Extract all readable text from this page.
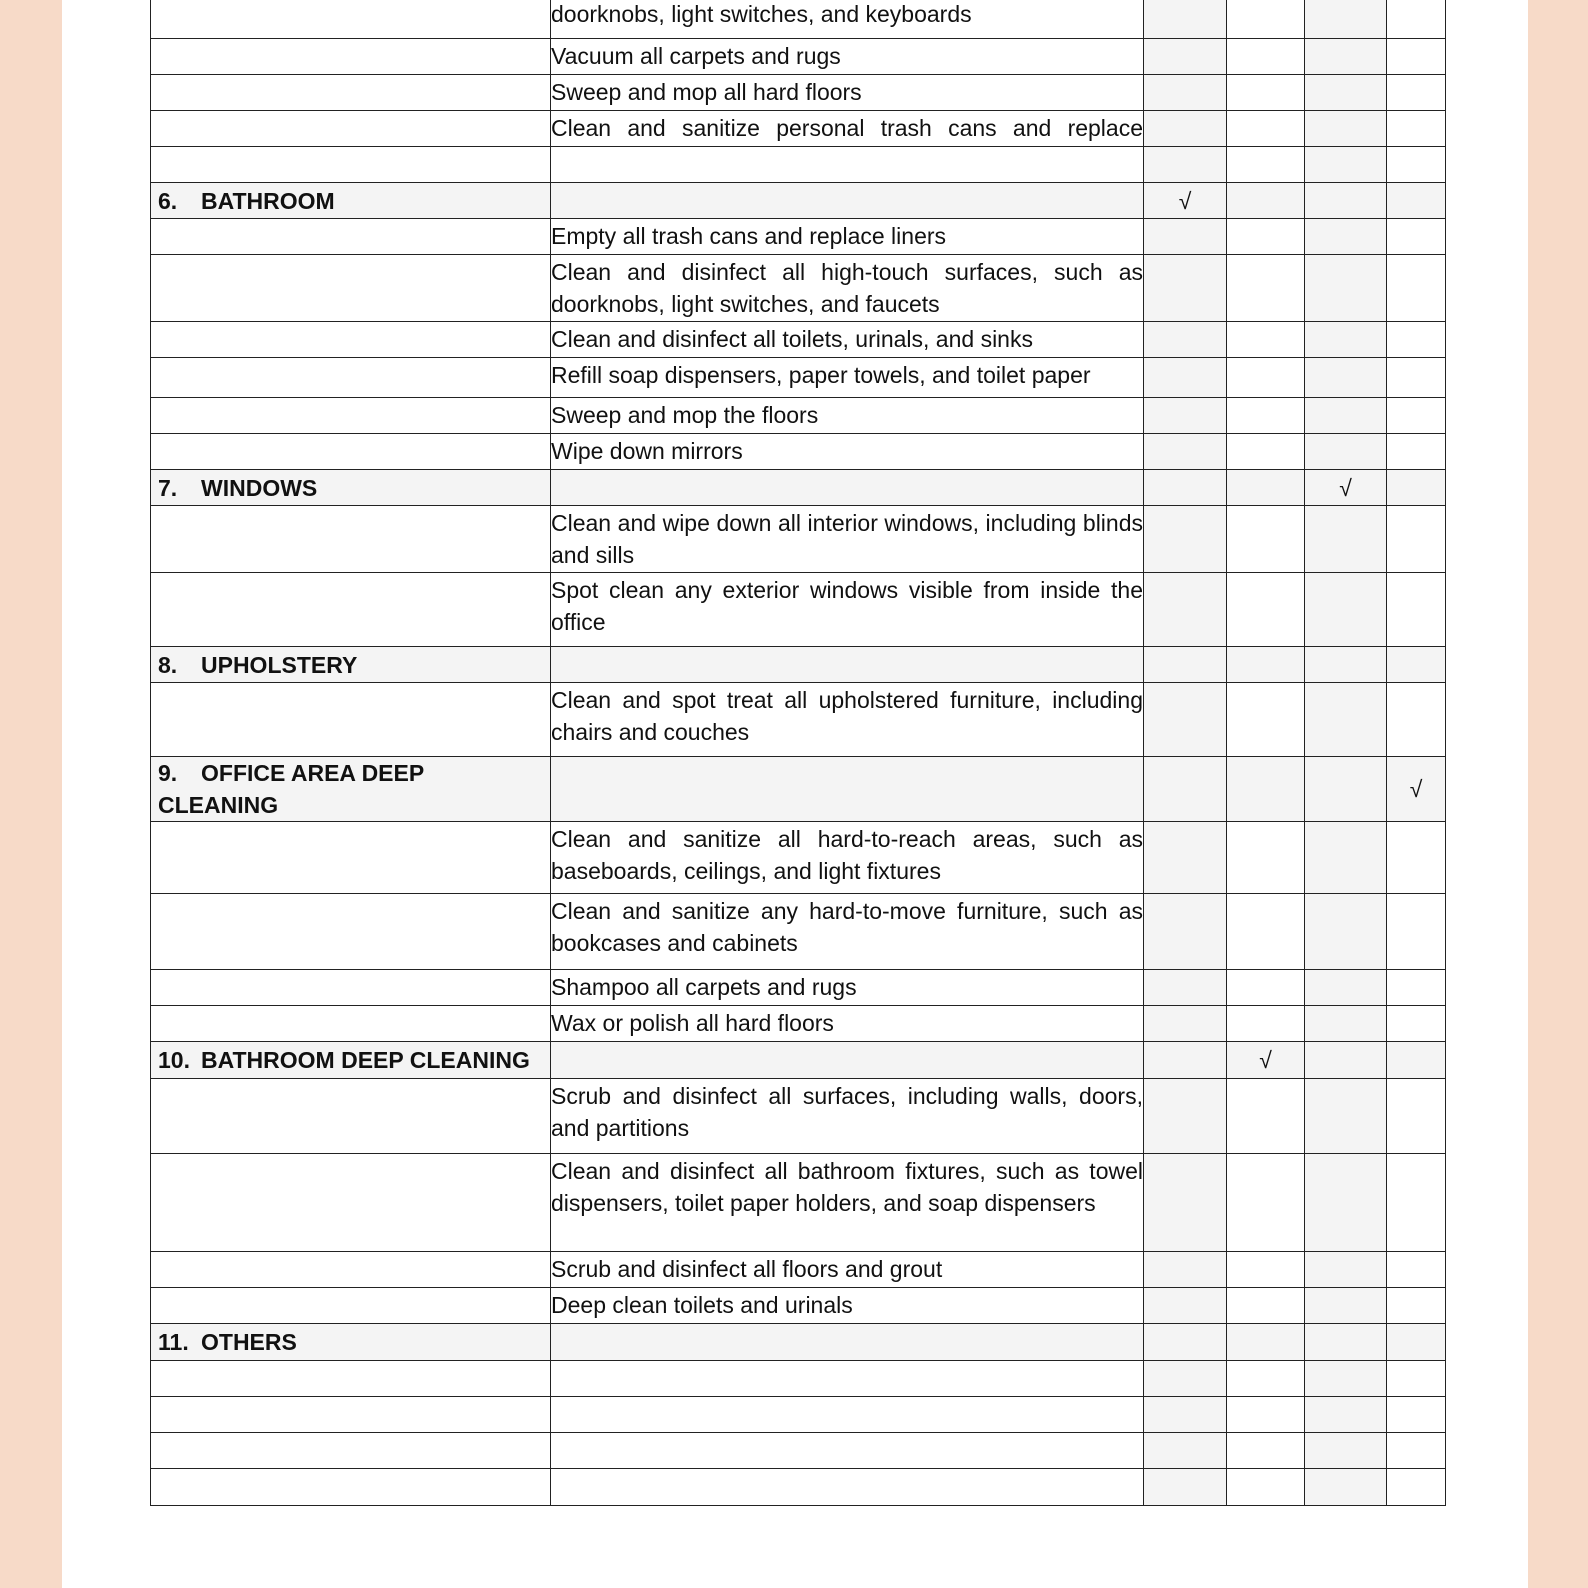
	doorknobs, light switches, and keyboards				
	Vacuum all carpets and rugs				
	Sweep and mop all hard floors				
	Clean and sanitize personal trash cans and replace				

6. BATHROOM		√			
	Empty all trash cans and replace liners				
	Clean and disinfect all high-touch surfaces, such as doorknobs, light switches, and faucets				
	Clean and disinfect all toilets, urinals, and sinks				
	Refill soap dispensers, paper towels, and toilet paper				
	Sweep and mop the floors				
	Wipe down mirrors				
7. WINDOWS				√	
	Clean and wipe down all interior windows, including blinds and sills				
	Spot clean any exterior windows visible from inside the office				
8. UPHOLSTERY					
	Clean and spot treat all upholstered furniture, including chairs and couches				
9. OFFICE AREA DEEP CLEANING					√
	Clean and sanitize all hard-to-reach areas, such as baseboards, ceilings, and light fixtures				
	Clean and sanitize any hard-to-move furniture, such as bookcases and cabinets				
	Shampoo all carpets and rugs				
	Wax or polish all hard floors				
10. BATHROOM DEEP CLEANING			√		
	Scrub and disinfect all surfaces, including walls, doors, and partitions				
	Clean and disinfect all bathroom fixtures, such as towel dispensers, toilet paper holders, and soap dispensers				
	Scrub and disinfect all floors and grout				
	Deep clean toilets and urinals				
11. OTHERS					
